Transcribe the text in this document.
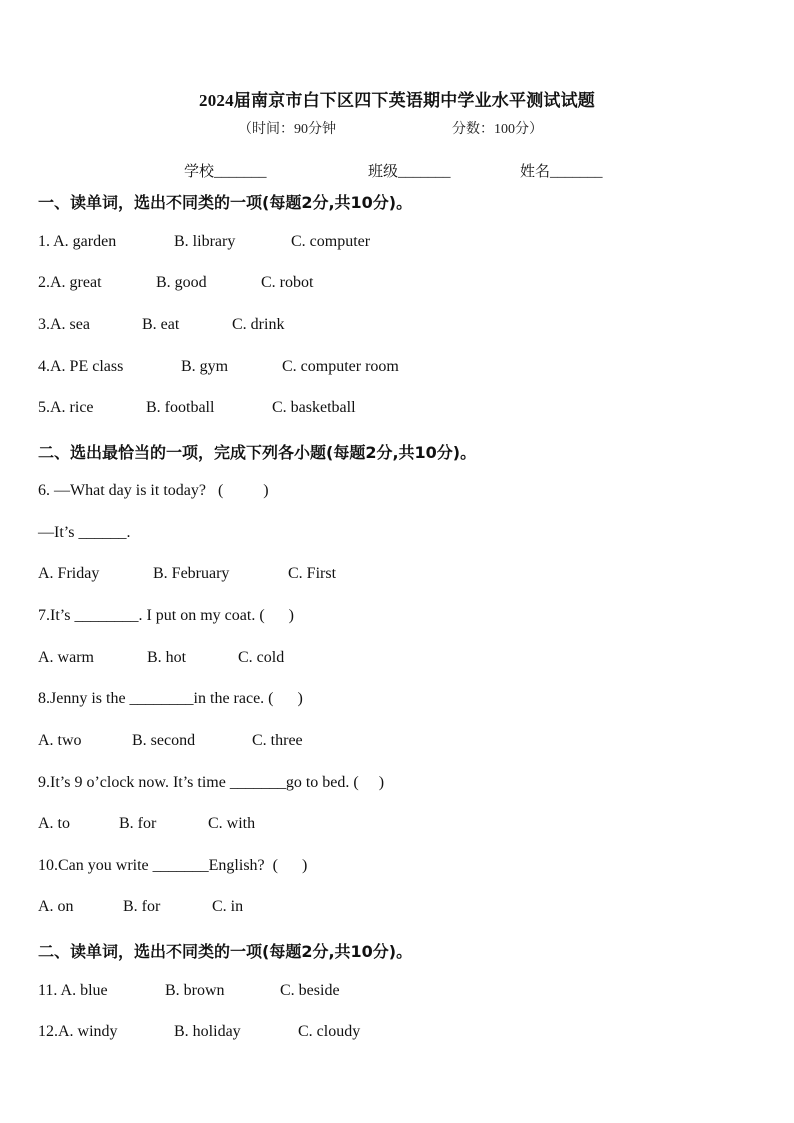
2024届南京市白下区四下英语期中学业水平测试试题
（时间：90分钟	分数：100分）
学校_______	班级_______	姓名_______
一、读单词，选出不同类的一项(每题2分,共10分)。
1. A. garden	B. library	C. computer
2.A. great	B. good	C. robot
3.A. sea	B. eat	C. drink
4.A. PE class	B. gym	C. computer room
5.A. rice	B. football	C. basketball
二、选出最恰当的一项，完成下列各小题(每题2分,共10分)。
6. —What day is it today?   (          )
—It’s ______.
A. Friday	B. February	C. First
7.It’s ________. I put on my coat. (      )
A. warm	B. hot	C. cold
8.Jenny is the ________in the race. (      )
A. two	B. second	C. three
9.It’s 9 o’clock now. It’s time _______go to bed. (     )
A. to	B. for	C. with
10.Can you write _______English?  (      )
A. on	B. for	C. in
二、读单词，选出不同类的一项(每题2分,共10分)。
11. A. blue	B. brown	C. beside
12.A. windy	B. holiday	C. cloudy
